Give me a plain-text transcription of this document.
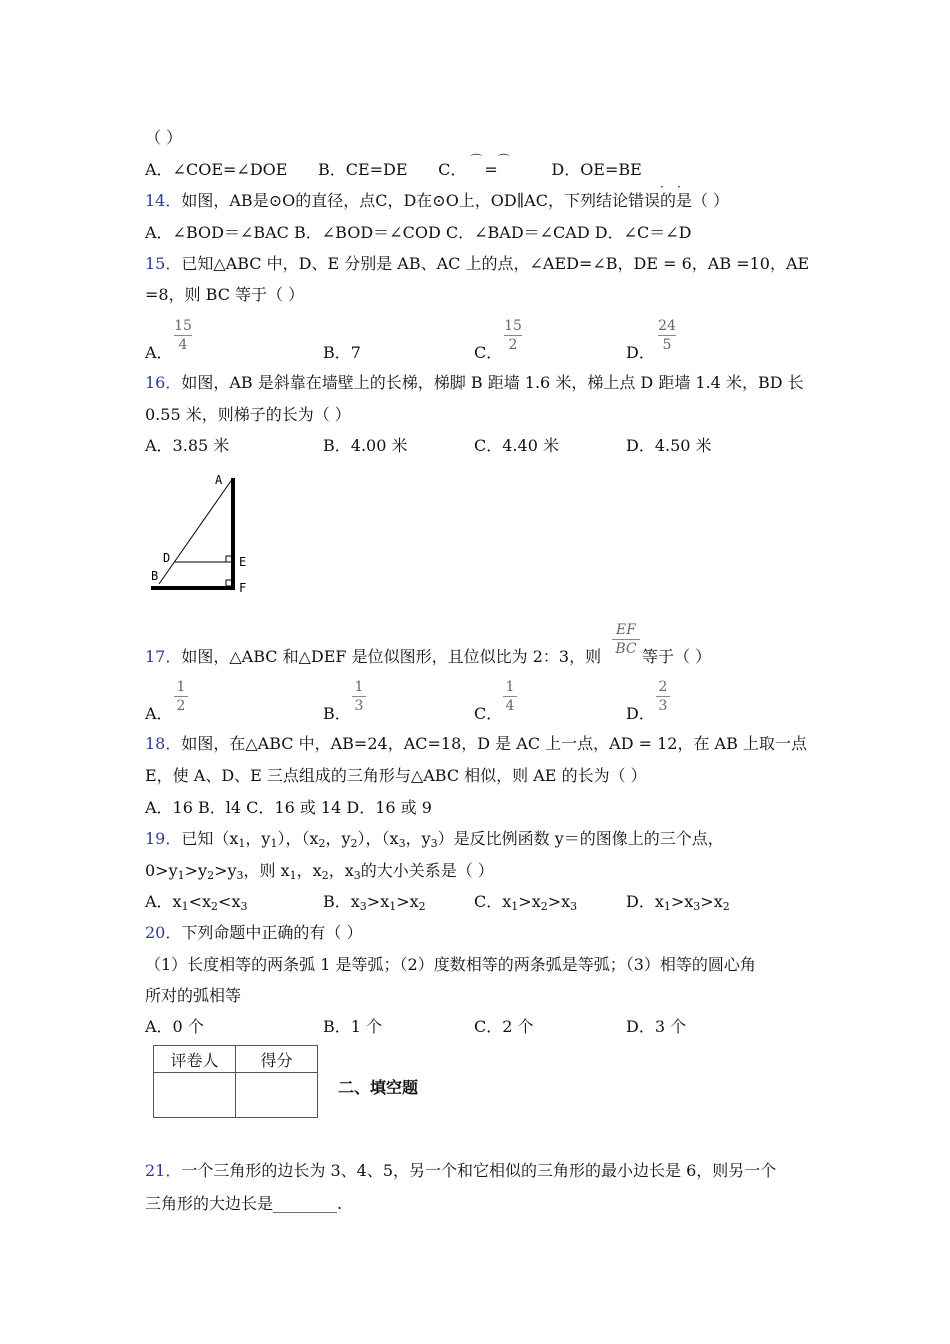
（ ）
A．∠COE=∠DOE B．CE=DE C． ⌒ = ⌒	D．OE=BE
· ·
14．如图，AB是⊙O的直径，点C，D在⊙O上，OD∥AC，下列结论错误的是（ ）
A．∠BOD＝∠BAC B．∠BOD＝∠COD C．∠BAD＝∠CAD D．∠C＝∠D
15．已知△ABC 中，D、E 分别是 AB、AC 上的点，∠AED=∠B，DE = 6，AB =10，AE
=8，则 BC 等于（ ）
A．
15
4	B．7	C．
15
2	D．
24
5
16．如图，AB 是斜靠在墙壁上的长梯，梯脚 B 距墙 1.6 米，梯上点 D 距墙 1.4 米，BD 长
0.55 米，则梯子的长为（ ）
A．3.85 米	B．4.00 米	C．4.40 米	D．4.50 米
A
D
B
E
F
17．如图，△ABC 和△DEF 是位似图形，且位似比为 2：3，则
EF
BC 等于（ ）
A．
1
2	B．
1
3	C．
1
4	D．
2
3
18．如图，在△ABC 中，AB=24，AC=18，D 是 AC 上一点，AD = 12，在 AB 上取一点
E，使 A、D、E 三点组成的三角形与△ABC 相似，则 AE 的长为（ ）
A．16 B．l4 C．16 或 14 D．16 或 9
19．已知（$x_1$，$y_1$），（$x_2$，$y_2$），（$x_3$，$y_3$）是反比例函数 y＝的图像上的三个点，
$0>y_1>y_2>y_3$，则 $x_1$，$x_2$，$x_3$的大小关系是（ ）
A．$x_1<x_2<x_3$	B．$x_3>x_1>x_2$	C．$x_1>x_2>x_3$	D．$x_1>x_3>x_2$
20．下列命题中正确的有（ ）
（1）长度相等的两条弧 1 是等弧；（2）度数相等的两条弧是等弧；（3）相等的圆心角
所对的弧相等
A．0 个	B．1 个	C．2 个	D．3 个
评卷人	得分

二、填空题
21．一个三角形的边长为 3、4、5，另一个和它相似的三角形的最小边长是 6，则另一个
三角形的大边长是________.
